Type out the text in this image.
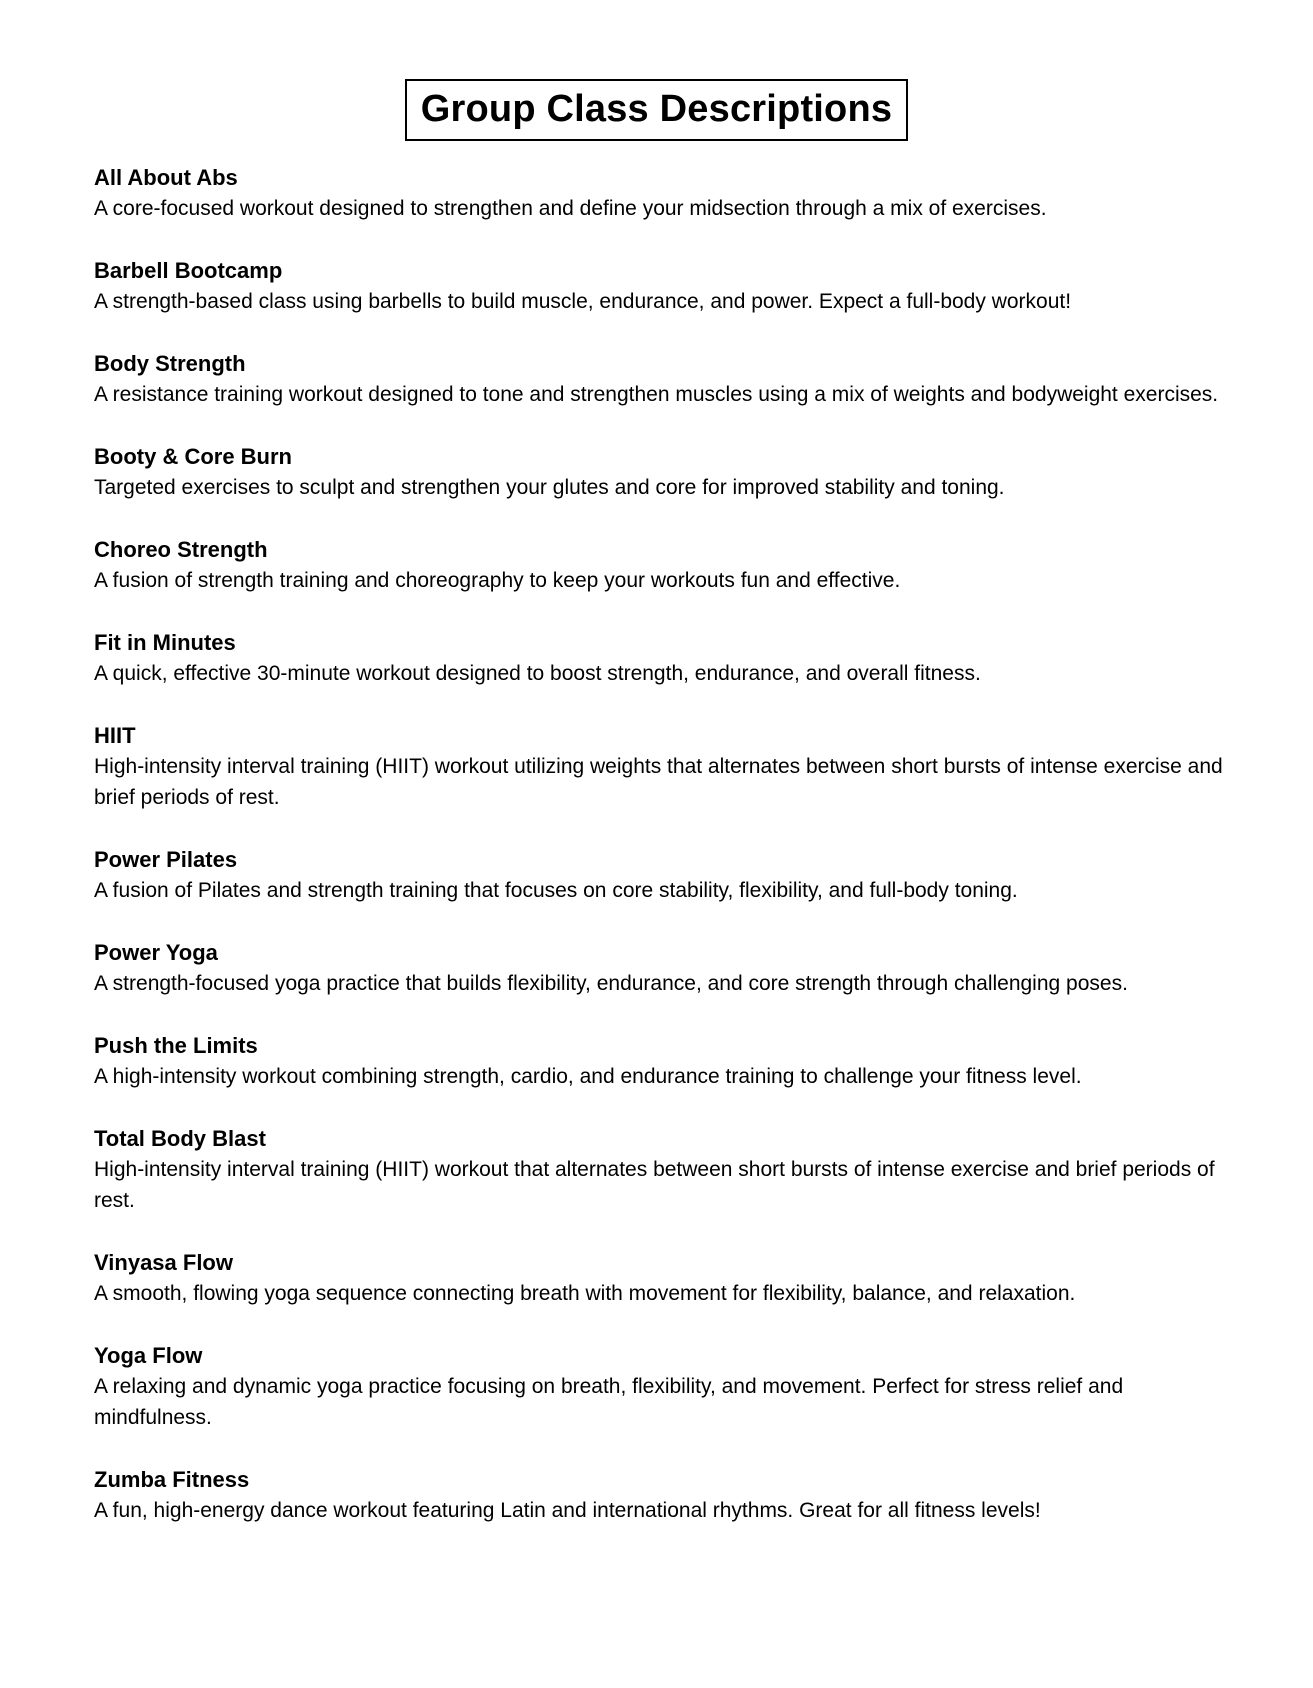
Group Class Descriptions
All About Abs
A core-focused workout designed to strengthen and define your midsection through a mix of exercises.
Barbell Bootcamp
A strength-based class using barbells to build muscle, endurance, and power. Expect a full-body workout!
Body Strength
A resistance training workout designed to tone and strengthen muscles using a mix of weights and bodyweight exercises.
Booty & Core Burn
Targeted exercises to sculpt and strengthen your glutes and core for improved stability and toning.
Choreo Strength
A fusion of strength training and choreography to keep your workouts fun and effective.
Fit in Minutes
A quick, effective 30-minute workout designed to boost strength, endurance, and overall fitness.
HIIT
High-intensity interval training (HIIT) workout utilizing weights that alternates between short bursts of intense exercise and brief periods of rest.
Power Pilates
A fusion of Pilates and strength training that focuses on core stability, flexibility, and full-body toning.
Power Yoga
A strength-focused yoga practice that builds flexibility, endurance, and core strength through challenging poses.
Push the Limits
A high-intensity workout combining strength, cardio, and endurance training to challenge your fitness level.
Total Body Blast
High-intensity interval training (HIIT) workout that alternates between short bursts of intense exercise and brief periods of rest.
Vinyasa Flow
A smooth, flowing yoga sequence connecting breath with movement for flexibility, balance, and relaxation.
Yoga Flow
A relaxing and dynamic yoga practice focusing on breath, flexibility, and movement. Perfect for stress relief and mindfulness.
Zumba Fitness
A fun, high-energy dance workout featuring Latin and international rhythms. Great for all fitness levels!
